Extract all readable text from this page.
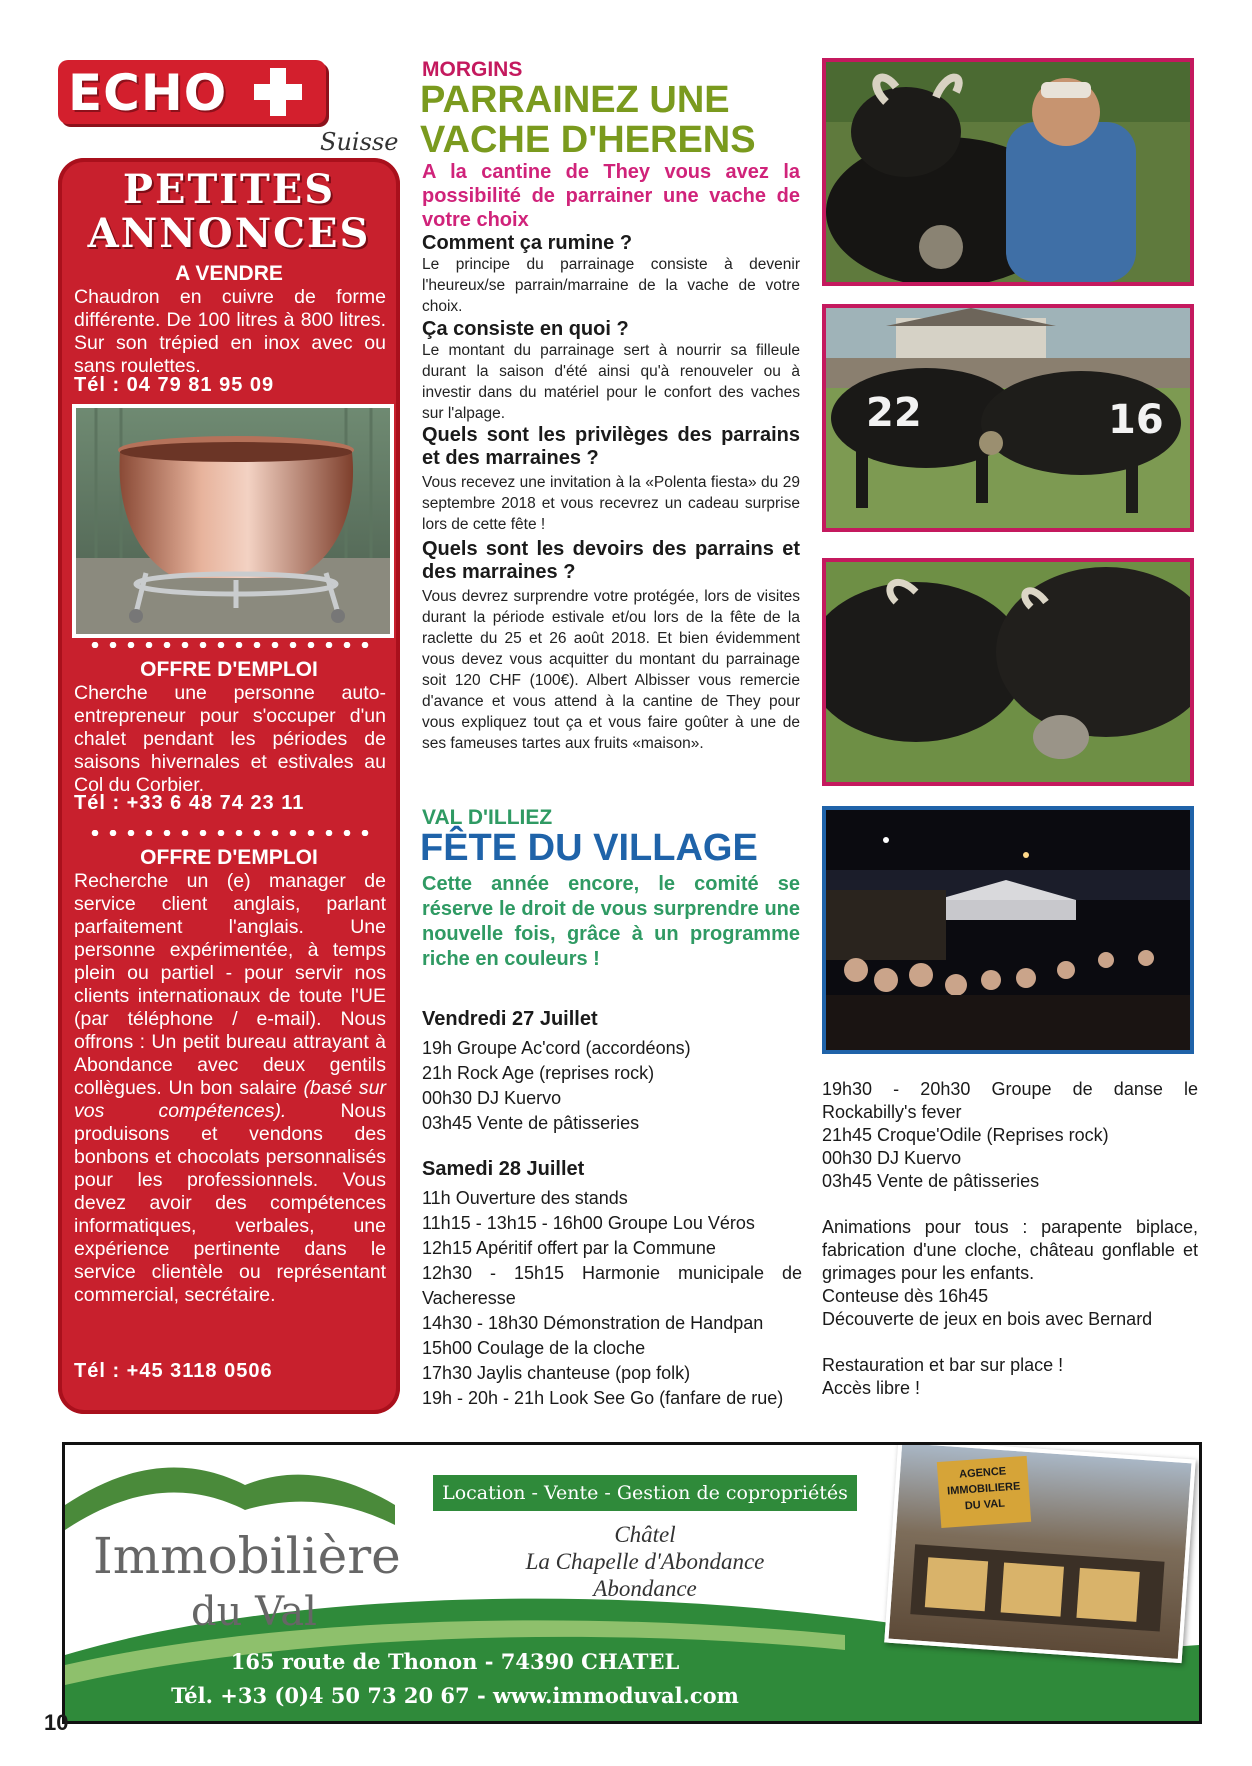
ECHO
Suisse
PETITES
ANNONCES
A VENDRE
Chaudron en cuivre de forme différente. De 100 litres à 800 litres. Sur son trépied en inox avec ou sans roulettes.
Tél : 04 79 81 95 09
OFFRE D'EMPLOI
Cherche une personne auto-entrepreneur pour s'occuper d'un chalet pendant les périodes de saisons hivernales et estivales au Col du Corbier.
Tél : +33 6 48 74 23 11
OFFRE D'EMPLOI
Recherche un (e) manager de service client anglais, parlant parfaitement l'anglais. Une personne expérimentée, à temps plein ou partiel - pour servir nos clients internationaux de toute l'UE (par téléphone / e-mail). Nous offrons : Un petit bureau attrayant à Abondance avec deux gentils collègues. Un bon salaire (basé sur vos compétences). Nous produisons et vendons des bonbons et chocolats personnalisés pour les professionnels. Vous devez avoir des compétences informatiques, verbales, une expérience pertinente dans le service clientèle ou représentant commercial, secrétaire.
Tél : +45 3118 0506
MORGINS
PARRAINEZ UNE
VACHE D'HERENS
A la cantine de They vous avez la possibilité de parrainer une vache de votre choix
Comment ça rumine ?
Le principe du parrainage consiste à devenir l'heureux/se parrain/marraine de la vache de votre choix.
Ça consiste en quoi ?
Le montant du parrainage sert à nourrir sa filleule durant la saison d'été ainsi qu'à renouveler ou à investir dans du matériel pour le confort des vaches sur l'alpage.
Quels sont les privilèges des parrains et des marraines ?
Vous recevez une invitation à la «Polenta fiesta» du 29 septembre 2018 et vous recevrez un cadeau surprise lors de cette fête !
Quels sont les devoirs des parrains et des marraines ?
Vous devrez surprendre votre protégée, lors de visites durant la période estivale et/ou lors de la fête de la raclette du 25 et 26 août 2018. Et bien évidemment vous devez vous acquitter du montant du parrainage soit 120 CHF (100€). Albert Albisser vous remercie d'avance et vous attend à la cantine de They pour vous expliquez tout ça et vous faire goûter à une de ses fameuses tartes aux fruits «maison».
VAL D'ILLIEZ
FÊTE DU VILLAGE
Cette année encore, le comité se réserve le droit de vous surprendre une nouvelle fois, grâce à un programme riche en couleurs !
Vendredi 27 Juillet
19h Groupe Ac'cord (accordéons)
21h Rock Age (reprises rock)
00h30 DJ Kuervo
03h45 Vente de pâtisseries
Samedi 28 Juillet
11h Ouverture des stands
11h15 - 13h15 - 16h00 Groupe Lou Véros
12h15 Apéritif offert par la Commune
12h30 - 15h15 Harmonie municipale de Vacheresse
14h30 - 18h30 Démonstration de Handpan
15h00 Coulage de la cloche
17h30 Jaylis chanteuse (pop folk)
19h - 20h - 21h Look See Go (fanfare de rue)
22	16
19h30 - 20h30 Groupe de danse le Rockabilly's fever
21h45 Croque'Odile (Reprises rock)
00h30 DJ Kuervo
03h45 Vente de pâtisseries
Animations pour tous : parapente biplace, fabrication d'une cloche, château gonflable et grimages pour les enfants.
Conteuse dès 16h45
Découverte de jeux en bois avec Bernard
Restauration et bar sur place !
Accès libre !
Immobilière
du Val
Location - Vente - Gestion de copropriétés
Châtel
La Chapelle d'Abondance
Abondance
AGENCE
IMMOBILIERE
DU VAL
165 route de Thonon - 74390 CHATEL
Tél. +33 (0)4 50 73 20 67 - www.immoduval.com
10
